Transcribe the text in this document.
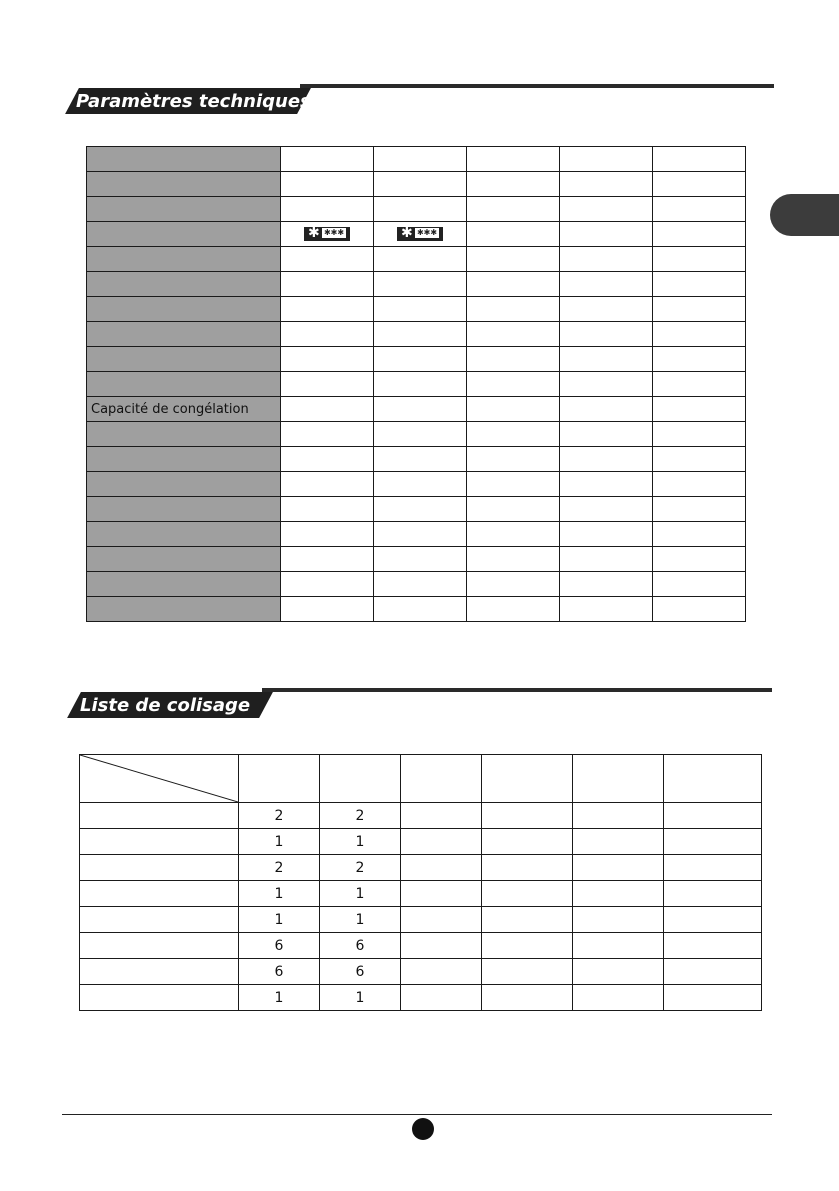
Paramètres techniques

	✱ ✱✱✱	✱ ✱✱✱			

Capacité de congélation					

Liste de colisage

	2	2				
	1	1				
	2	2				
	1	1				
	1	1				
	6	6				
	6	6				
	1	1				
